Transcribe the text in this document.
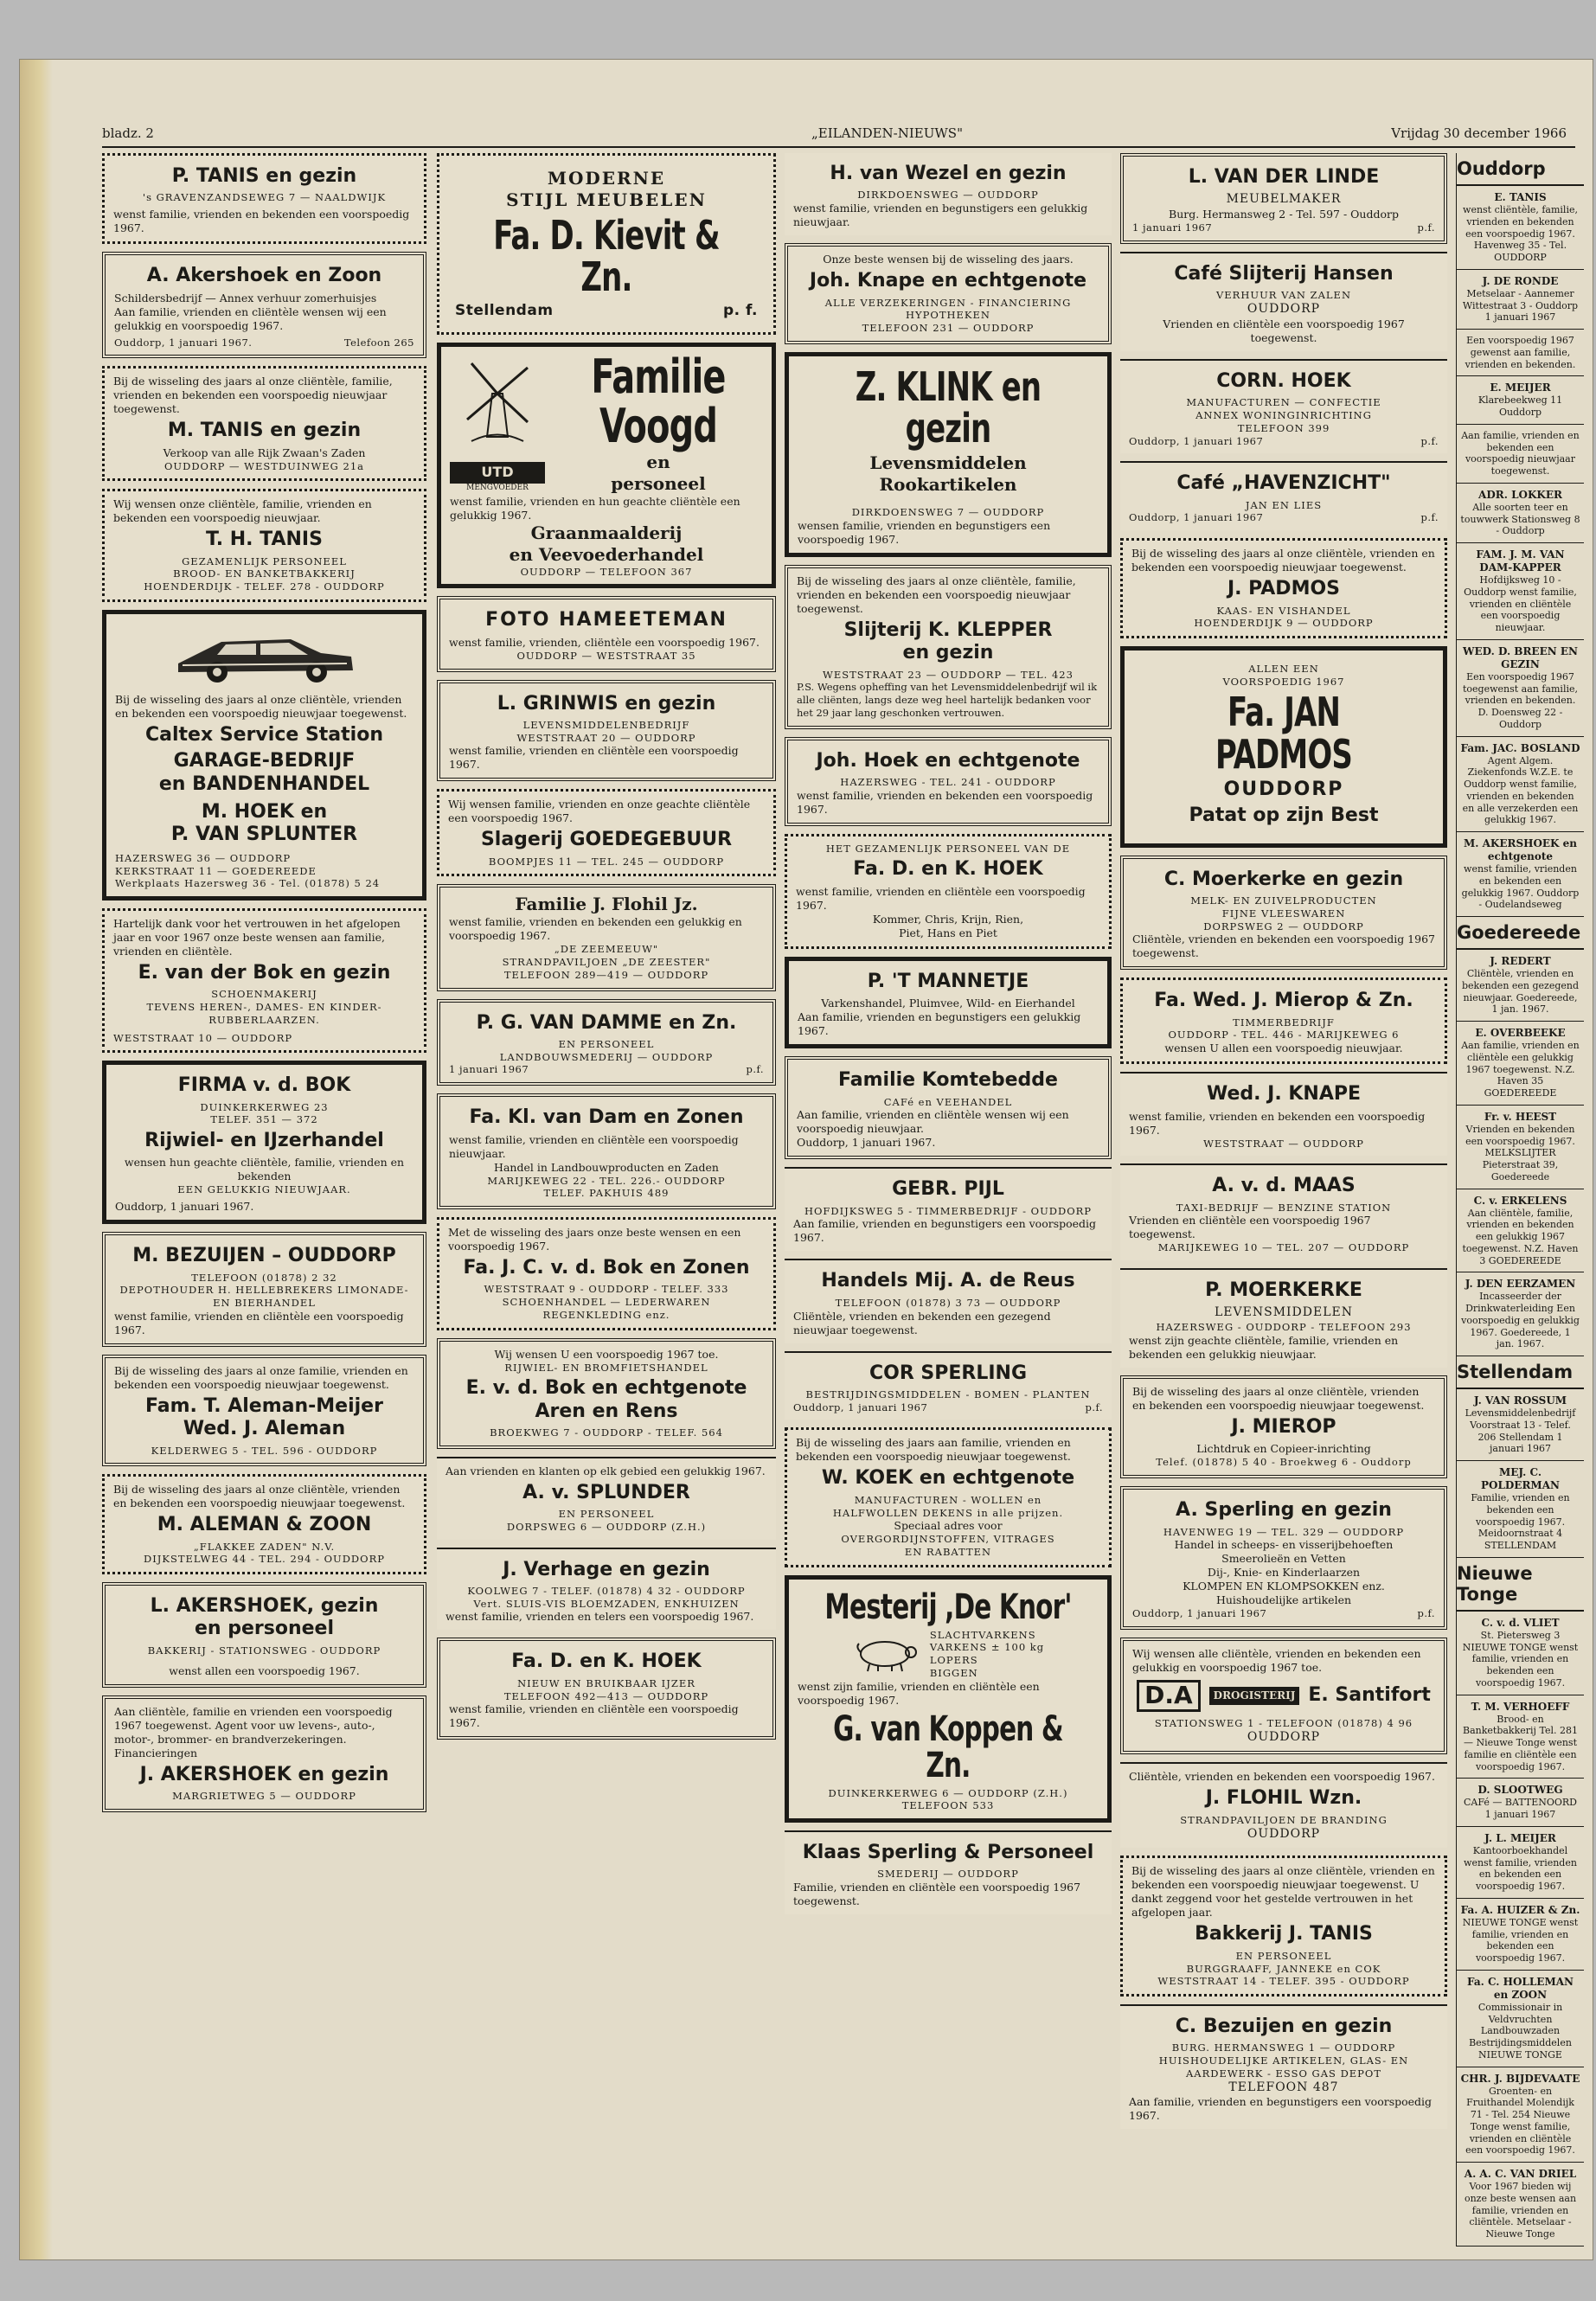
bladz. 2	„EILANDEN-NIEUWS"	Vrijdag 30 december 1966
P. TANIS en gezin
's GRAVENZANDSEWEG 7 — NAALDWIJK
wenst familie, vrienden en bekenden een voorspoedig 1967.
A. Akershoek en Zoon
Schildersbedrijf — Annex verhuur zomerhuisjes
Aan familie, vrienden en cliëntèle wensen wij een gelukkig en voorspoedig 1967.
Ouddorp, 1 januari 1967.	Telefoon 265
Bij de wisseling des jaars al onze cliëntèle, familie, vrienden en bekenden een voorspoedig nieuwjaar toegewenst.
M. TANIS en gezin
Verkoop van alle Rijk Zwaan's Zaden
OUDDORP — WESTDUINWEG 21a
Wij wensen onze cliëntèle, familie, vrienden en bekenden een voorspoedig nieuwjaar.
T. H. TANIS
GEZAMENLIJK PERSONEEL
BROOD- EN BANKETBAKKERIJ
HOENDERDIJK - TELEF. 278 - OUDDORP
Bij de wisseling des jaars al onze cliëntèle, vrienden en bekenden een voorspoedig nieuwjaar toegewenst.
Caltex Service Station
GARAGE-BEDRIJF
en BANDENHANDEL
M. HOEK en
P. VAN SPLUNTER
HAZERSWEG 36 — OUDDORP
KERKSTRAAT 11 — GOEDEREEDE
Werkplaats Hazersweg 36 - Tel. (01878) 5 24
Hartelijk dank voor het vertrouwen in het afgelopen jaar en voor 1967 onze beste wensen aan familie, vrienden en cliëntèle.
E. van der Bok en gezin
SCHOENMAKERIJ
TEVENS HEREN-, DAMES- EN KINDER-RUBBERLAARZEN.
WESTSTRAAT 10 — OUDDORP
FIRMA v. d. BOK
DUINKERKERWEG 23
TELEF. 351 — 372
Rijwiel- en IJzerhandel
wensen hun geachte cliëntèle, familie, vrienden en bekenden
EEN GELUKKIG NIEUWJAAR.
Ouddorp, 1 januari 1967.
M. BEZUIJEN – OUDDORP
TELEFOON (01878) 2 32
DEPOTHOUDER H. HELLEBREKERS LIMONADE- EN BIERHANDEL
wenst familie, vrienden en cliëntèle een voorspoedig 1967.
Bij de wisseling des jaars al onze familie, vrienden en bekenden een voorspoedig nieuwjaar toegewenst.
Fam. T. Aleman-Meijer
Wed. J. Aleman
KELDERWEG 5 - TEL. 596 - OUDDORP
Bij de wisseling des jaars al onze cliëntèle, vrienden en bekenden een voorspoedig nieuwjaar toegewenst.
M. ALEMAN & ZOON
„FLAKKEE ZADEN" N.V.
DIJKSTELWEG 44 - TEL. 294 - OUDDORP
L. AKERSHOEK, gezin
en personeel
BAKKERIJ - STATIONSWEG - OUDDORP
wenst allen een voorspoedig 1967.
Aan cliëntèle, familie en vrienden een voorspoedig 1967 toegewenst. Agent voor uw levens-, auto-, motor-, brommer- en brandverzekeringen. Financieringen
J. AKERSHOEK en gezin
MARGRIETWEG 5 — OUDDORP
MODERNE
STIJL MEUBELEN
Fa. D. Kievit & Zn.
Stellendam	p. f.
UTD
MENGVOEDER
Familie
Voogd
en
personeel
wenst familie, vrienden en hun geachte cliëntèle een gelukkig 1967.
Graanmaalderij
en Veevoederhandel
OUDDORP — TELEFOON 367
FOTO HAMEETEMAN
wenst familie, vrienden, cliëntèle een voorspoedig 1967.
OUDDORP — WESTSTRAAT 35
L. GRINWIS en gezin
LEVENSMIDDELENBEDRIJF
WESTSTRAAT 20 — OUDDORP
wenst familie, vrienden en cliëntèle een voorspoedig 1967.
Wij wensen familie, vrienden en onze geachte cliëntèle een voorspoedig 1967.
Slagerij GOEDEGEBUUR
BOOMPJES 11 — TEL. 245 — OUDDORP
Familie J. Flohil Jz.
wenst familie, vrienden en bekenden een gelukkig en voorspoedig 1967.
„DE ZEEMEEUW"
STRANDPAVILJOEN „DE ZEESTER"
TELEFOON 289—419 — OUDDORP
P. G. VAN DAMME en Zn.
EN PERSONEEL
LANDBOUWSMEDERIJ — OUDDORP
1 januari 1967	p.f.
Fa. Kl. van Dam en Zonen
wenst familie, vrienden en cliëntèle een voorspoedig nieuwjaar.
Handel in Landbouwproducten en Zaden
MARIJKEWEG 22 - TEL. 226.- OUDDORP
TELEF. PAKHUIS 489
Met de wisseling des jaars onze beste wensen en een voorspoedig 1967.
Fa. J. C. v. d. Bok en Zonen
WESTSTRAAT 9 - OUDDORP - TELEF. 333
SCHOENHANDEL — LEDERWAREN
REGENKLEDING enz.
Wij wensen U een voorspoedig 1967 toe.
RIJWIEL- EN BROMFIETSHANDEL
E. v. d. Bok en echtgenote
Aren en Rens
BROEKWEG 7 - OUDDORP - TELEF. 564
Aan vrienden en klanten op elk gebied een gelukkig 1967.
A. v. SPLUNDER
EN PERSONEEL
DORPSWEG 6 — OUDDORP (Z.H.)
J. Verhage en gezin
KOOLWEG 7 - TELEF. (01878) 4 32 - OUDDORP
Vert. SLUIS-VIS BLOEMZADEN, ENKHUIZEN
wenst familie, vrienden en telers een voorspoedig 1967.
Fa. D. en K. HOEK
NIEUW EN BRUIKBAAR IJZER
TELEFOON 492—413 — OUDDORP
wenst familie, vrienden en cliëntèle een voorspoedig 1967.
H. van Wezel en gezin
DIRKDOENSWEG — OUDDORP
wenst familie, vrienden en begunstigers een gelukkig nieuwjaar.
Onze beste wensen bij de wisseling des jaars.
Joh. Knape en echtgenote
ALLE VERZEKERINGEN - FINANCIERING HYPOTHEKEN
TELEFOON 231 — OUDDORP
Z. KLINK en gezin
Levensmiddelen
Rookartikelen
DIRKDOENSWEG 7 — OUDDORP
wensen familie, vrienden en begunstigers een voorspoedig 1967.
Bij de wisseling des jaars al onze cliëntèle, familie, vrienden en bekenden een voorspoedig nieuwjaar toegewenst.
Slijterij K. KLEPPER
en gezin
WESTSTRAAT 23 — OUDDORP — TEL. 423
P.S. Wegens opheffing van het Levensmiddelenbedrijf wil ik alle cliënten, langs deze weg heel hartelijk bedanken voor het 29 jaar lang geschonken vertrouwen.
Joh. Hoek en echtgenote
HAZERSWEG - TEL. 241 - OUDDORP
wenst familie, vrienden en bekenden een voorspoedig 1967.
HET GEZAMENLIJK PERSONEEL VAN DE
Fa. D. en K. HOEK
wenst familie, vrienden en cliëntèle een voorspoedig 1967.
Kommer, Chris, Krijn, Rien,
Piet, Hans en Piet
P. 'T MANNETJE
Varkenshandel, Pluimvee, Wild- en Eierhandel
Aan familie, vrienden en begunstigers een gelukkig 1967.
Familie Komtebedde
CAFé en VEEHANDEL
Aan familie, vrienden en cliëntèle wensen wij een voorspoedig nieuwjaar.
Ouddorp, 1 januari 1967.
GEBR. PIJL
HOFDIJKSWEG 5 - TIMMERBEDRIJF - OUDDORP
Aan familie, vrienden en begunstigers een voorspoedig 1967.
Handels Mij. A. de Reus
TELEFOON (01878) 3 73 — OUDDORP
Cliëntèle, vrienden en bekenden een gezegend nieuwjaar toegewenst.
COR SPERLING
BESTRIJDINGSMIDDELEN - BOMEN - PLANTEN
Ouddorp, 1 januari 1967	p.f.
Bij de wisseling des jaars aan familie, vrienden en bekenden een voorspoedig nieuwjaar toegewenst.
W. KOEK en echtgenote
MANUFACTUREN - WOLLEN en
HALFWOLLEN DEKENS in alle prijzen.
Speciaal adres voor
OVERGORDIJNSTOFFEN, VITRAGES
EN RABATTEN
Mesterij ,De Knor'
SLACHTVARKENS
VARKENS ± 100 kg
LOPERS
BIGGEN
wenst zijn familie, vrienden en cliëntèle een voorspoedig 1967.
G. van Koppen & Zn.
DUINKERKERWEG 6 — OUDDORP (Z.H.)
TELEFOON 533
Klaas Sperling & Personeel
SMEDERIJ — OUDDORP
Familie, vrienden en cliëntèle een voorspoedig 1967 toegewenst.
L. VAN DER LINDE
MEUBELMAKER
Burg. Hermansweg 2 - Tel. 597 - Ouddorp
1 januari 1967	p.f.
Café Slijterij Hansen
VERHUUR VAN ZALEN
OUDDORP
Vrienden en cliëntèle een voorspoedig 1967 toegewenst.
CORN. HOEK
MANUFACTUREN — CONFECTIE
ANNEX WONINGINRICHTING
TELEFOON 399
Ouddorp, 1 januari 1967	p.f.
Café „HAVENZICHT"
JAN EN LIES
Ouddorp, 1 januari 1967	p.f.
Bij de wisseling des jaars al onze cliëntèle, vrienden en bekenden een voorspoedig nieuwjaar toegewenst.
J. PADMOS
KAAS- EN VISHANDEL
HOENDERDIJK 9 — OUDDORP
ALLEN EEN
VOORSPOEDIG 1967
Fa. JAN PADMOS
OUDDORP
Patat op zijn Best
C. Moerkerke en gezin
MELK- EN ZUIVELPRODUCTEN
FIJNE VLEESWAREN
DORPSWEG 2 — OUDDORP
Cliëntèle, vrienden en bekenden een voorspoedig 1967 toegewenst.
Fa. Wed. J. Mierop & Zn.
TIMMERBEDRIJF
OUDDORP - TEL. 446 - MARIJKEWEG 6
wensen U allen een voorspoedig nieuwjaar.
Wed. J. KNAPE
wenst familie, vrienden en bekenden een voorspoedig 1967.
WESTSTRAAT — OUDDORP
A. v. d. MAAS
TAXI-BEDRIJF — BENZINE STATION
Vrienden en cliëntèle een voorspoedig 1967 toegewenst.
MARIJKEWEG 10 — TEL. 207 — OUDDORP
P. MOERKERKE
LEVENSMIDDELEN
HAZERSWEG - OUDDORP - TELEFOON 293
wenst zijn geachte cliëntèle, familie, vrienden en bekenden een gelukkig nieuwjaar.
Bij de wisseling des jaars al onze cliëntèle, vrienden en bekenden een voorspoedig nieuwjaar toegewenst.
J. MIEROP
Lichtdruk en Copieer-inrichting
Telef. (01878) 5 40 - Broekweg 6 - Ouddorp
A. Sperling en gezin
HAVENWEG 19 — TEL. 329 — OUDDORP
Handel in scheeps- en visserijbehoeften
Smeerolieën en Vetten
Dij-, Knie- en Kinderlaarzen
KLOMPEN EN KLOMPSOKKEN enz.
Huishoudelijke artikelen
Ouddorp, 1 januari 1967	p.f.
Wij wensen alle cliëntèle, vrienden en bekenden een gelukkig en voorspoedig 1967 toe.
D.A	DROGISTERIJ E. Santifort
STATIONSWEG 1 - TELEFOON (01878) 4 96
OUDDORP
Cliëntèle, vrienden en bekenden een voorspoedig 1967.
J. FLOHIL Wzn.
STRANDPAVILJOEN DE BRANDING
OUDDORP
Bij de wisseling des jaars al onze cliëntèle, vrienden en bekenden een voorspoedig nieuwjaar toegewenst. U dankt zeggend voor het gestelde vertrouwen in het afgelopen jaar.
Bakkerij J. TANIS
EN PERSONEEL
BURGGRAAFF, JANNEKE en COK
WESTSTRAAT 14 - TELEF. 395 - OUDDORP
C. Bezuijen en gezin
BURG. HERMANSWEG 1 — OUDDORP
HUISHOUDELIJKE ARTIKELEN, GLAS- EN AARDEWERK - ESSO GAS DEPOT
TELEFOON 487
Aan familie, vrienden en begunstigers een voorspoedig 1967.
Ouddorp
E. TANIS
wenst cliëntèle, familie, vrienden en bekenden een voorspoedig 1967. Havenweg 35 - Tel. OUDDORP
J. DE RONDE
Metselaar - Aannemer Wittestraat 3 - Ouddorp 1 januari 1967
Een voorspoedig 1967 gewenst aan familie, vrienden en bekenden.
E. MEIJER
Klarebeekweg 11 Ouddorp
Aan familie, vrienden en bekenden een voorspoedig nieuwjaar toegewenst.
ADR. LOKKER
Alle soorten teer en touwwerk Stationsweg 8 - Ouddorp
FAM. J. M. VAN DAM-KAPPER
Hofdijksweg 10 - Ouddorp wenst familie, vrienden en cliëntèle een voorspoedig nieuwjaar.
WED. D. BREEN EN GEZIN
Een voorspoedig 1967 toegewenst aan familie, vrienden en bekenden. D. Doensweg 22 - Ouddorp
Fam. JAC. BOSLAND
Agent Algem. Ziekenfonds W.Z.E. te Ouddorp wenst familie, vrienden en bekenden en alle verzekerden een gelukkig 1967.
M. AKERSHOEK en echtgenote
wenst familie, vrienden en bekenden een gelukkig 1967. Ouddorp - Oudelandseweg
Goedereede
J. REDERT
Cliëntèle, vrienden en bekenden een gezegend nieuwjaar. Goedereede, 1 jan. 1967.
E. OVERBEEKE
Aan familie, vrienden en cliëntèle een gelukkig 1967 toegewenst. N.Z. Haven 35 GOEDEREEDE
Fr. v. HEEST
Vrienden en bekenden een voorspoedig 1967. MELKSLIJTER Pieterstraat 39, Goedereede
C. v. ERKELENS
Aan cliëntèle, familie, vrienden en bekenden een gelukkig 1967 toegewenst. N.Z. Haven 3 GOEDEREEDE
J. DEN EERZAMEN
Incasseerder der Drinkwaterleiding Een voorspoedig en gelukkig 1967. Goedereede, 1 jan. 1967.
Stellendam
J. VAN ROSSUM
Levensmiddelenbedrijf Voorstraat 13 - Telef. 206 Stellendam 1 januari 1967
MEJ. C. POLDERMAN
Familie, vrienden en bekenden een voorspoedig 1967. Meidoornstraat 4 STELLENDAM
Nieuwe Tonge
C. v. d. VLIET
St. Pietersweg 3 NIEUWE TONGE wenst familie, vrienden en bekenden een voorspoedig 1967.
T. M. VERHOEFF
Brood- en Banketbakkerij Tel. 281 — Nieuwe Tonge wenst familie en cliëntèle een voorspoedig 1967.
D. SLOOTWEG
CAFé — BATTENOORD 1 januari 1967
J. L. MEIJER
Kantoorboekhandel wenst familie, vrienden en bekenden een voorspoedig 1967.
Fa. A. HUIZER & Zn.
NIEUWE TONGE wenst familie, vrienden en bekenden een voorspoedig 1967.
Fa. C. HOLLEMAN en ZOON
Commissionair in Veldvruchten Landbouwzaden Bestrijdingsmiddelen NIEUWE TONGE
CHR. J. BIJDEVAATE
Groenten- en Fruithandel Molendijk 71 - Tel. 254 Nieuwe Tonge wenst familie, vrienden en cliëntèle een voorspoedig 1967.
A. A. C. VAN DRIEL
Voor 1967 bieden wij onze beste wensen aan familie, vrienden en cliëntèle. Metselaar - Nieuwe Tonge
